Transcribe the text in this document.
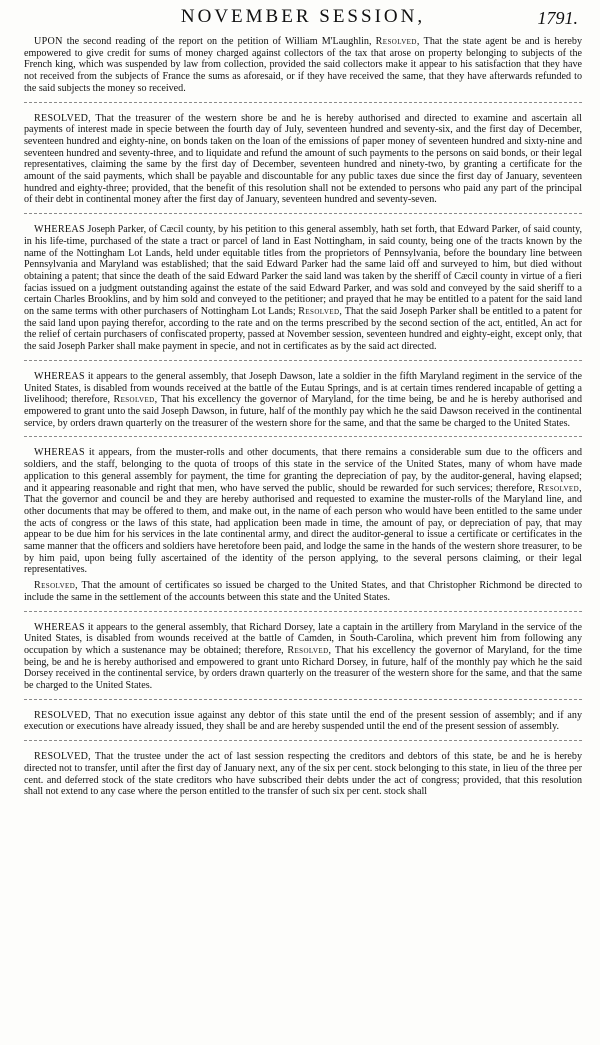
NOVEMBER SESSION,	1791.

UPON the second reading of the report on the petition of William M'Laughlin, Resolved, That the state agent be and is hereby empowered to give credit for sums of money charged against collectors of the tax that arose on property belonging to subjects of the French king, which was suspended by law from collection, provided the said collectors make it appear to his satisfaction that they have not received from the subjects of France the sums as aforesaid, or if they have received the same, that they have afterwards refunded to the said subjects the money so received.

RESOLVED, That the treasurer of the western shore be and he is hereby authorised and directed to examine and ascertain all payments of interest made in specie between the fourth day of July, seventeen hundred and seventy-six, and the first day of December, seventeen hundred and eighty-nine, on bonds taken on the loan of the emissions of paper money of seventeen hundred and sixty-nine and seventeen hundred and seventy-three, and to liquidate and refund the amount of such payments to the persons on said bonds, or their legal representatives, claiming the same by the first day of December, seventeen hundred and ninety-two, by granting a certificate for the amount of the said payments, which shall be payable and discountable for any public taxes due since the first day of January, seventeen hundred and eighty-three; provided, that the benefit of this resolution shall not be extended to persons who paid any part of the principal of their debt in continental money after the first day of January, seventeen hundred and seventy-seven.

WHEREAS Joseph Parker, of Cæcil county, by his petition to this general assembly, hath set forth, that Edward Parker, of said county, in his life-time, purchased of the state a tract or parcel of land in East Nottingham, in said county, being one of the tracts known by the name of the Nottingham Lot Lands, held under equitable titles from the proprietors of Pennsylvania, before the boundary line between Pennsylvania and Maryland was established; that the said Edward Parker had the same laid off and surveyed to him, but died without obtaining a patent; that since the death of the said Edward Parker the said land was taken by the sheriff of Cæcil county in virtue of a fieri facias issued on a judgment outstanding against the estate of the said Edward Parker, and was sold and conveyed by the said sheriff to a certain Charles Brooklins, and by him sold and conveyed to the petitioner; and prayed that he may be entitled to a patent for the said land on the same terms with other purchasers of Nottingham Lot Lands; Resolved, That the said Joseph Parker shall be entitled to a patent for the said land upon paying therefor, according to the rate and on the terms prescribed by the second section of the act, entitled, An act for the relief of certain purchasers of confiscated property, passed at November session, seventeen hundred and eighty-eight, except only, that the said Joseph Parker shall make payment in specie, and not in certificates as by the said act directed.

WHEREAS it appears to the general assembly, that Joseph Dawson, late a soldier in the fifth Maryland regiment in the service of the United States, is disabled from wounds received at the battle of the Eutau Springs, and is at certain times rendered incapable of getting a livelihood; therefore, Resolved, That his excellency the governor of Maryland, for the time being, be and he is hereby authorised and empowered to grant unto the said Joseph Dawson, in future, half of the monthly pay which he the said Dawson received in the continental service, by orders drawn quarterly on the treasurer of the western shore for the same, and that the same be charged to the United States.

WHEREAS it appears, from the muster-rolls and other documents, that there remains a considerable sum due to the officers and soldiers, and the staff, belonging to the quota of troops of this state in the service of the United States, many of whom have made application to this general assembly for payment, the time for granting the depreciation of pay, by the auditor-general, having elapsed; and it appearing reasonable and right that men, who have served the public, should be rewarded for such services; therefore, Resolved, That the governor and council be and they are hereby authorised and requested to examine the muster-rolls of the Maryland line, and other documents that may be offered to them, and make out, in the name of each person who would have been entitled to the same under the acts of congress or the laws of this state, had application been made in time, the amount of pay, or depreciation of pay, that may appear to be due him for his services in the late continental army, and direct the auditor-general to issue a certificate or certificates in the same manner that the officers and soldiers have heretofore been paid, and lodge the same in the hands of the western shore treasurer, to be by him paid, upon being fully ascertained of the identity of the person applying, to the several persons claiming, or their legal representatives.

Resolved, That the amount of certificates so issued be charged to the United States, and that Christopher Richmond be directed to include the same in the settlement of the accounts between this state and the United States.

WHEREAS it appears to the general assembly, that Richard Dorsey, late a captain in the artillery from Maryland in the service of the United States, is disabled from wounds received at the battle of Camden, in South-Carolina, which prevent him from following any occupation by which a sustenance may be obtained; therefore, Resolved, That his excellency the governor of Maryland, for the time being, be and he is hereby authorised and empowered to grant unto Richard Dorsey, in future, half of the monthly pay which he the said Dorsey received in the continental service, by orders drawn quarterly on the treasurer of the western shore for the same, and that the same be charged to the United States.

RESOLVED, That no execution issue against any debtor of this state until the end of the present session of assembly; and if any execution or executions have already issued, they shall be and are hereby suspended until the end of the present session of assembly.

RESOLVED, That the trustee under the act of last session respecting the creditors and debtors of this state, be and he is hereby directed not to transfer, until after the first day of January next, any of the six per cent. stock belonging to this state, in lieu of the three per cent. and deferred stock of the state creditors who have subscribed their debts under the act of congress; provided, that this resolution shall not extend to any case where the person entitled to the transfer of such six per cent. stock shall
